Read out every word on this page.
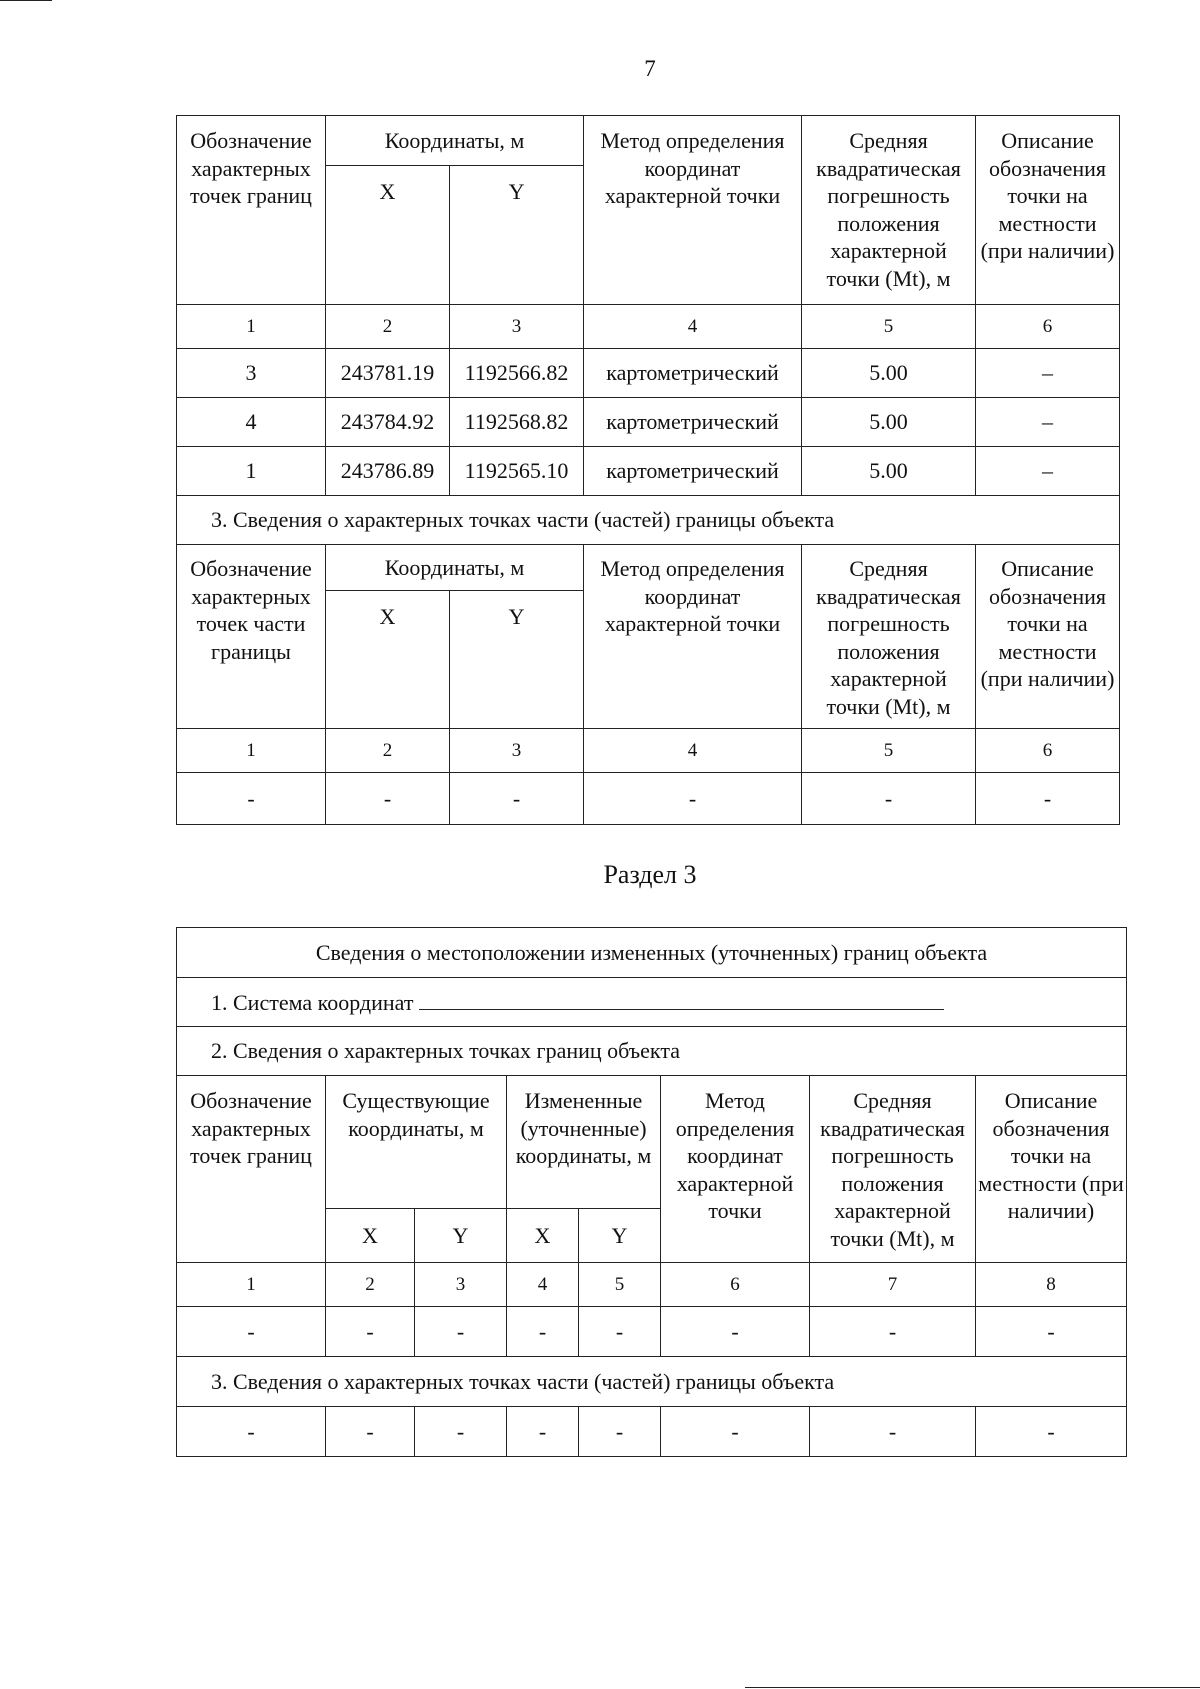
7
Обозначение характерных точек границ	Координаты, м		Метод определения координат характерной точки	Средняя квадратическая погрешность положения характерной точки (Mt), м	Описание обозначения точки на местности (при наличии)
	X	Y			
1	2	3	4	5	6
3	243781.19	1192566.82	картометрический	5.00	–
4	243784.92	1192568.82	картометрический	5.00	–
1	243786.89	1192565.10	картометрический	5.00	–
3. Сведения о характерных точках части (частей) границы объекта					
Обозначение характерных точек части границы	Координаты, м		Метод определения координат характерной точки	Средняя квадратическая погрешность положения характерной точки (Mt), м	Описание обозначения точки на местности (при наличии)
	X	Y			
1	2	3	4	5	6
-	-	-	-	-	-
Раздел 3
Сведения о местоположении измененных (уточненных) границ объекта							
1. Система координат							
2. Сведения о характерных точках границ объекта							
Обозначение характерных точек границ	Существующие координаты, м		Измененные (уточненные) координаты, м		Метод определения координат характерной точки	Средняя квадратическая погрешность положения характерной точки (Mt), м	Описание обозначения точки на местности (при наличии)
	X	Y	X	Y			
1	2	3	4	5	6	7	8
-	-	-	-	-	-	-	-
3. Сведения о характерных точках части (частей) границы объекта							
-	-	-	-	-	-	-	-
